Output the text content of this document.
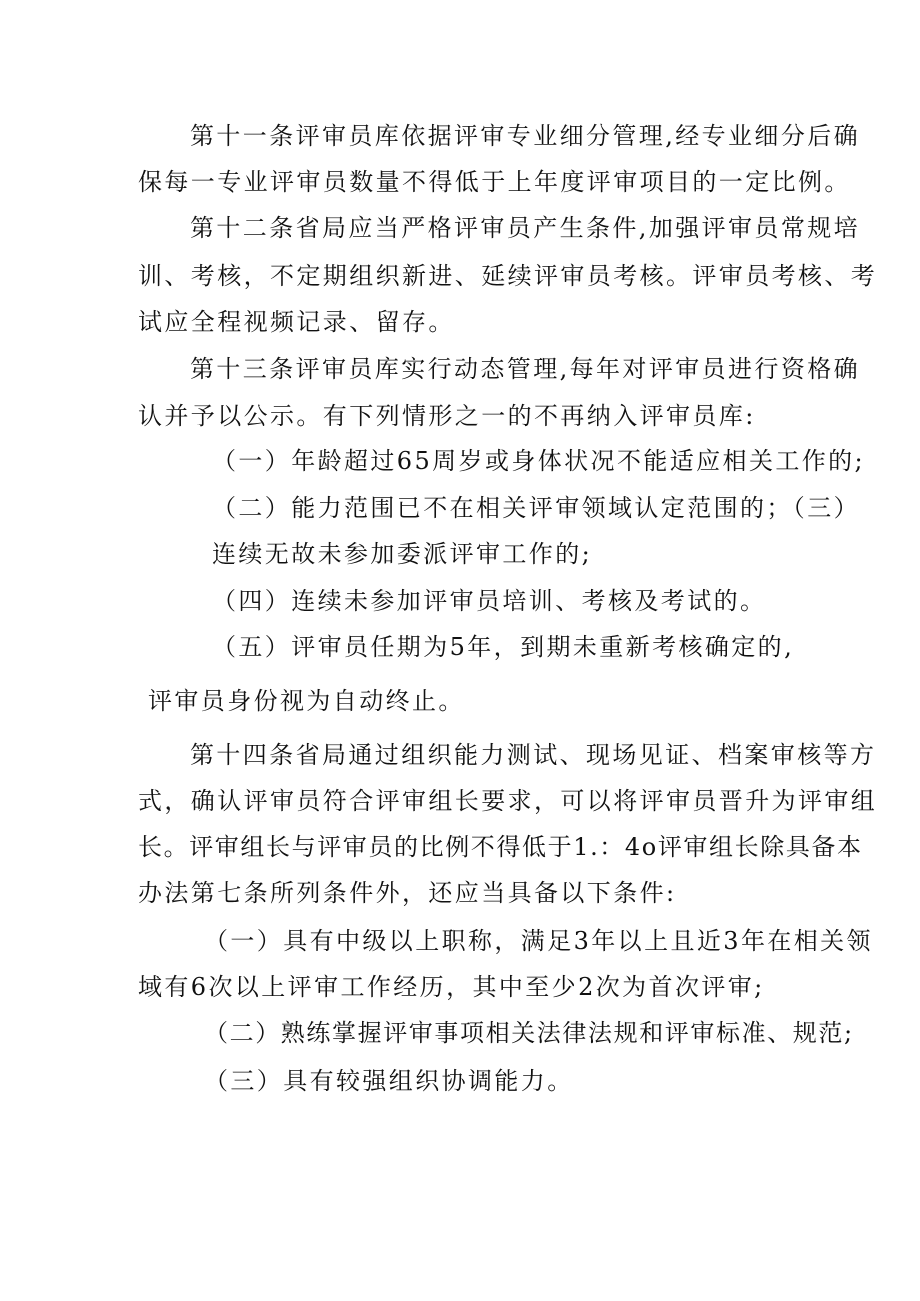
第十一条评审员库依据评审专业细分管理,经专业细分后确
保每一专业评审员数量不得低于上年度评审项目的一定比例。
第十二条省局应当严格评审员产生条件,加强评审员常规培
训、考核，不定期组织新进、延续评审员考核。评审员考核、考
试应全程视频记录、留存。
第十三条评审员库实行动态管理,每年对评审员进行资格确
认并予以公示。有下列情形之一的不再纳入评审员库:
（一）年龄超过65周岁或身体状况不能适应相关工作的;
（二）能力范围已不在相关评审领域认定范围的；（三）
连续无故未参加委派评审工作的;
（四）连续未参加评审员培训、考核及考试的。
（五）评审员任期为5年，到期未重新考核确定的,
评审员身份视为自动终止。
第十四条省局通过组织能力测试、现场见证、档案审核等方
式，确认评审员符合评审组长要求，可以将评审员晋升为评审组
长。评审组长与评审员的比例不得低于1.：4o评审组长除具备本
办法第七条所列条件外，还应当具备以下条件:
（一）具有中级以上职称，满足3年以上且近3年在相关领
域有6次以上评审工作经历，其中至少2次为首次评审;
（二）熟练掌握评审事项相关法律法规和评审标准、规范;
（三）具有较强组织协调能力。
